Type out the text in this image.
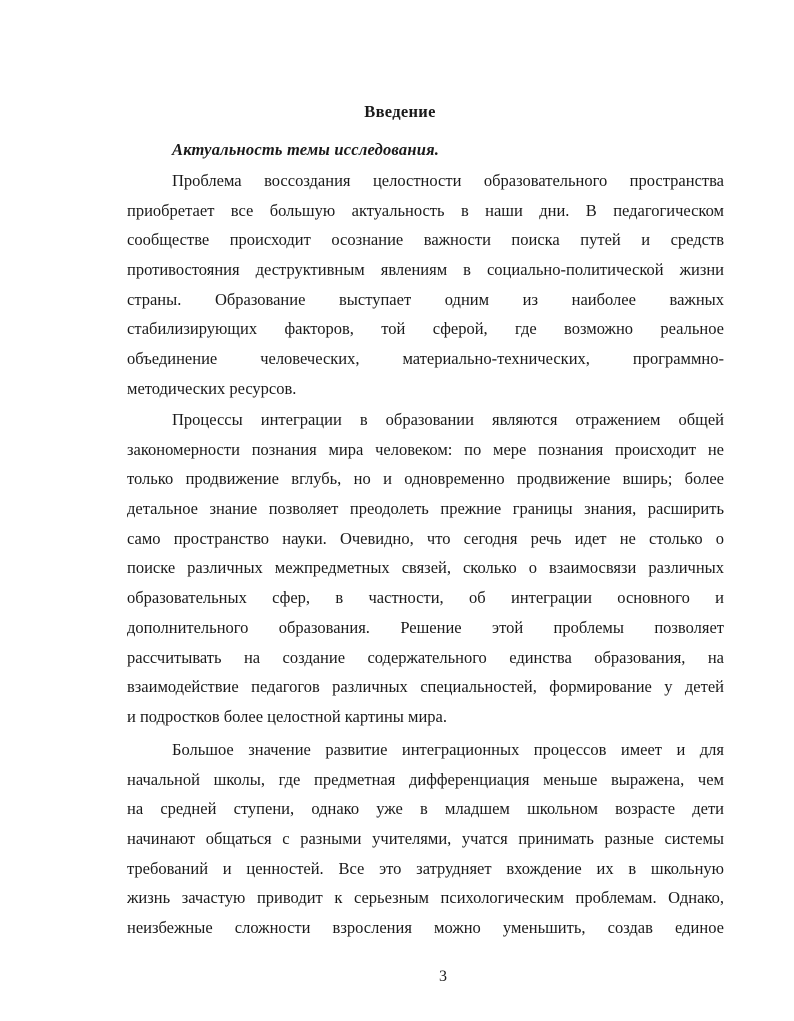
Введение
Актуальность темы исследования.
Проблема воссоздания целостности образовательного пространства
приобретает все большую актуальность в наши дни. В педагогическом
сообществе происходит осознание важности поиска путей и средств
противостояния деструктивным явлениям в социально-политической жизни
страны. Образование выступает одним из наиболее важных
стабилизирующих факторов, той сферой, где возможно реальное
объединение человеческих, материально-технических, программно-
методических ресурсов.
Процессы интеграции в образовании являются отражением общей
закономерности познания мира человеком: по мере познания происходит не
только продвижение вглубь, но и одновременно продвижение вширь; более
детальное знание позволяет преодолеть прежние границы знания, расширить
само пространство науки. Очевидно, что сегодня речь идет не столько о
поиске различных межпредметных связей, сколько о взаимосвязи различных
образовательных сфер, в частности, об интеграции основного и
дополнительного образования. Решение этой проблемы позволяет
рассчитывать на создание содержательного единства образования, на
взаимодействие педагогов различных специальностей, формирование у детей
и подростков более целостной картины мира.
Большое значение развитие интеграционных процессов имеет и для
начальной школы, где предметная дифференциация меньше выражена, чем
на средней ступени, однако уже в младшем школьном возрасте дети
начинают общаться с разными учителями, учатся принимать разные системы
требований и ценностей. Все это затрудняет вхождение их в школьную
жизнь зачастую приводит к серьезным психологическим проблемам. Однако,
неизбежные сложности взросления можно уменьшить, создав единое
3
